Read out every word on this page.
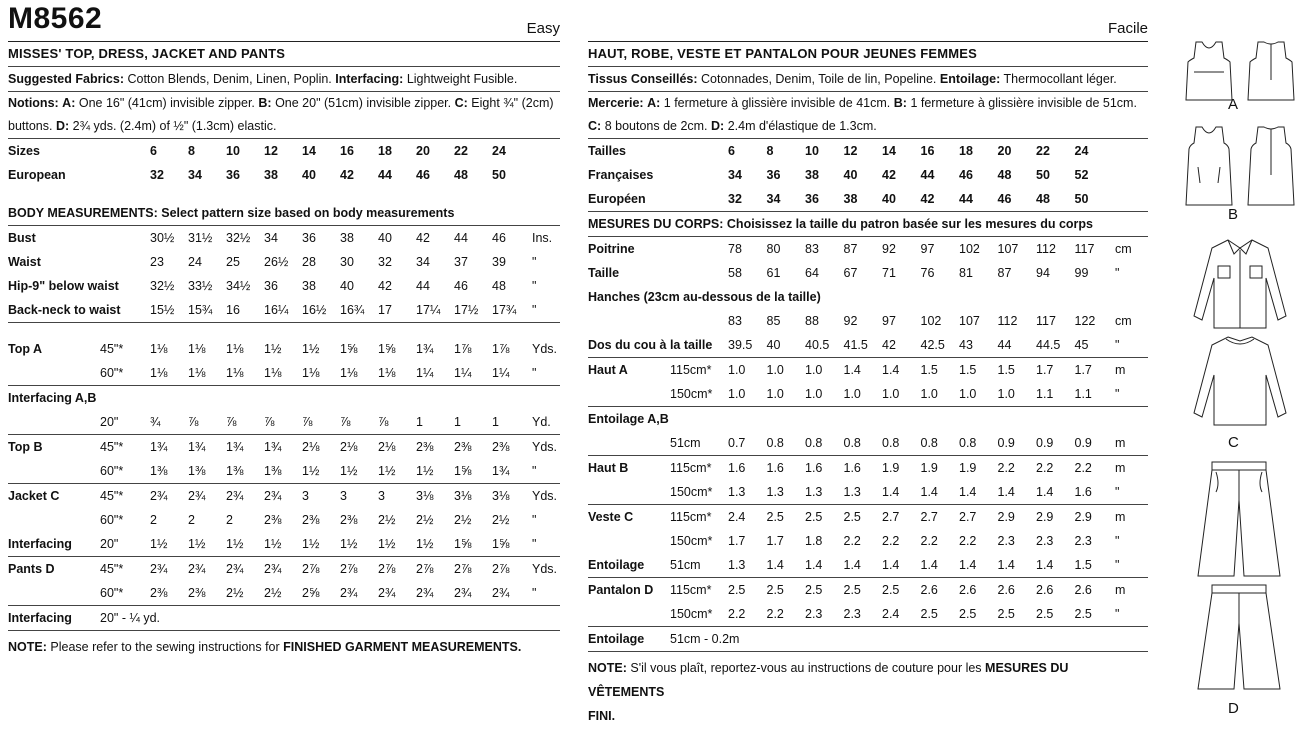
M8562	Easy
MISSES' TOP, DRESS, JACKET AND PANTS
Suggested Fabrics: Cotton Blends, Denim, Linen, Poplin. Interfacing: Lightweight Fusible.
Notions: A: One 16" (41cm) invisible zipper. B: One 20" (51cm) invisible zipper. C: Eight ¾" (2cm)
buttons. D: 2¾ yds. (2.4m) of ½" (1.3cm) elastic.
Sizes	6	8	10	12	14	16	18	20	22	24	
European	32	34	36	38	40	42	44	46	48	50	
BODY MEASUREMENTS: Select pattern size based on body measurements
Bust	30½	31½	32½	34	36	38	40	42	44	46	Ins.
Waist	23	24	25	26½	28	30	32	34	37	39	"
Hip-9" below waist	32½	33½	34½	36	38	40	42	44	46	48	"
Back-neck to waist	15½	15¾	16	16¼	16½	16¾	17	17¼	17½	17¾	"
Top A	45"*	1⅛	1⅛	1⅛	1½	1½	1⅝	1⅝	1¾	1⅞	1⅞	Yds.
	60"*	1⅛	1⅛	1⅛	1⅛	1⅛	1⅛	1⅛	1¼	1¼	1¼	"
Interfacing A,B												
	20"	¾	⅞	⅞	⅞	⅞	⅞	⅞	1	1	1	Yd.
Top B	45"*	1¾	1¾	1¾	1¾	2⅛	2⅛	2⅛	2⅜	2⅜	2⅜	Yds.
	60"*	1⅜	1⅜	1⅜	1⅜	1½	1½	1½	1½	1⅝	1¾	"
Jacket C	45"*	2¾	2¾	2¾	2¾	3	3	3	3⅛	3⅛	3⅛	Yds.
	60"*	2	2	2	2⅜	2⅜	2⅜	2½	2½	2½	2½	"
Interfacing	20"	1½	1½	1½	1½	1½	1½	1½	1½	1⅝	1⅝	"
Pants D	45"*	2¾	2¾	2¾	2¾	2⅞	2⅞	2⅞	2⅞	2⅞	2⅞	Yds.
	60"*	2⅜	2⅜	2½	2½	2⅝	2¾	2¾	2¾	2¾	2¾	"
Interfacing	20" - ¼ yd.											
NOTE: Please refer to the sewing instructions for FINISHED GARMENT MEASUREMENTS.
Facile
HAUT, ROBE, VESTE ET PANTALON POUR JEUNES FEMMES
Tissus Conseillés: Cotonnades, Denim, Toile de lin, Popeline. Entoilage: Thermocollant léger.
Mercerie: A: 1 fermeture à glissière invisible de 41cm. B: 1 fermeture à glissière invisible de 51cm.
C: 8 boutons de 2cm. D: 2.4m d'élastique de 1.3cm.
Tailles	6	8	10	12	14	16	18	20	22	24	
Françaises	34	36	38	40	42	44	46	48	50	52	
Européen	32	34	36	38	40	42	44	46	48	50	
MESURES DU CORPS: Choisissez la taille du patron basée sur les mesures du corps
Poitrine	78	80	83	87	92	97	102	107	112	117	cm
Taille	58	61	64	67	71	76	81	87	94	99	"
Hanches (23cm au-dessous de la taille)											
	83	85	88	92	97	102	107	112	117	122	cm
Dos du cou à la taille	39.5	40	40.5	41.5	42	42.5	43	44	44.5	45	"
Haut A	115cm*	1.0	1.0	1.0	1.4	1.4	1.5	1.5	1.5	1.7	1.7	m
	150cm*	1.0	1.0	1.0	1.0	1.0	1.0	1.0	1.0	1.1	1.1	"
Entoilage A,B												
	51cm	0.7	0.8	0.8	0.8	0.8	0.8	0.8	0.9	0.9	0.9	m
Haut B	115cm*	1.6	1.6	1.6	1.6	1.9	1.9	1.9	2.2	2.2	2.2	m
	150cm*	1.3	1.3	1.3	1.3	1.4	1.4	1.4	1.4	1.4	1.6	"
Veste C	115cm*	2.4	2.5	2.5	2.5	2.7	2.7	2.7	2.9	2.9	2.9	m
	150cm*	1.7	1.7	1.8	2.2	2.2	2.2	2.2	2.3	2.3	2.3	"
Entoilage	51cm	1.3	1.4	1.4	1.4	1.4	1.4	1.4	1.4	1.4	1.5	"
Pantalon D	115cm*	2.5	2.5	2.5	2.5	2.5	2.6	2.6	2.6	2.6	2.6	m
	150cm*	2.2	2.2	2.3	2.3	2.4	2.5	2.5	2.5	2.5	2.5	"
Entoilage	51cm - 0.2m											
NOTE: S'il vous plaît, reportez-vous au instructions de couture pour les MESURES DU VÊTEMENTS
FINI.
A
B
C
D
